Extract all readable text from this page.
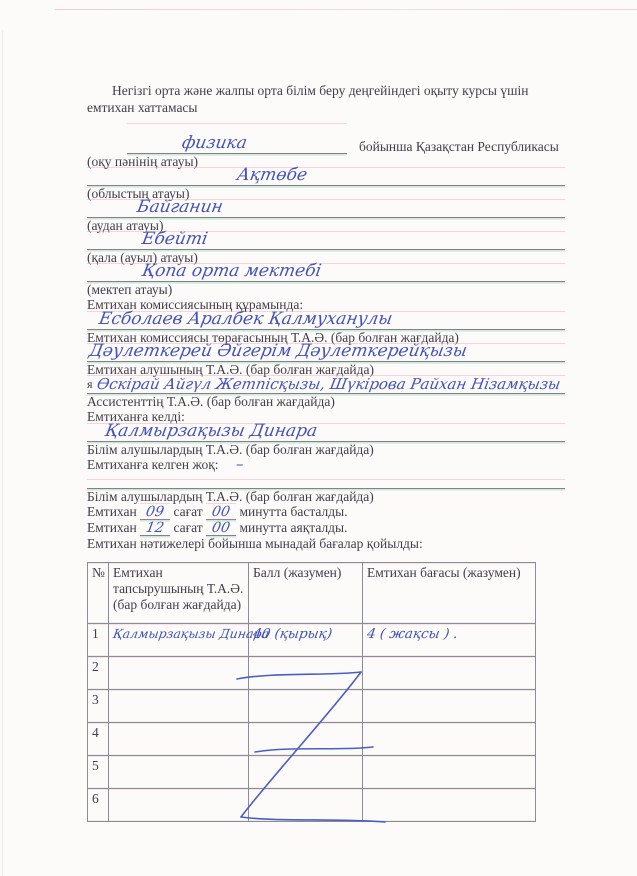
Негізгі орта және жалпы орта білім беру деңгейіндегі оқыту курсы үшін емтихан хаттамасы

физика	бойынша Қазақстан Республикасы
(оқу пәнінің атауы)
Ақтөбе
(облыстың атауы)
Байганин
(аудан атауы)
Ебейті
(қала (ауыл) атауы)
Қопа орта мектебі
(мектеп атауы)

Емтихан комиссиясының құрамында:

Есболаев Аралбек Қалмуханулы
Емтихан комиссиясы төрағасының Т.А.Ә. (бар болған жағдайда)
Дәулеткерей Әйгерім Дәулеткерейқызы
Емтихан алушының Т.А.Ә. (бар болған жағдайда)
я Өскірай Айгүл Жетпісқызы, Шүкірова Райхан Нізамқызы
Ассистенттің Т.А.Ә. (бар болған жағдайда)

Емтиханға келді:

Қалмырзақызы Динара
Білім алушылардың Т.А.Ә. (бар болған жағдайда)
Емтиханға келген жоқ: –
Білім алушылардың Т.А.Ә. (бар болған жағдайда)
Емтихан 09 сағат 00 минутта басталды.
Емтихан 12 сағат 00 минутта аяқталды.

Емтихан нәтижелері бойынша мынадай бағалар қойылды:

№	Емтихан тапсырушының Т.А.Ә. (бар болған жағдайда)	Балл (жазумен)	Емтихан бағасы (жазумен)
1	Қалмырзақызы Динара	40 (қырық)	4 ( жақсы ) .
2			
3			
4			
5			
6			
